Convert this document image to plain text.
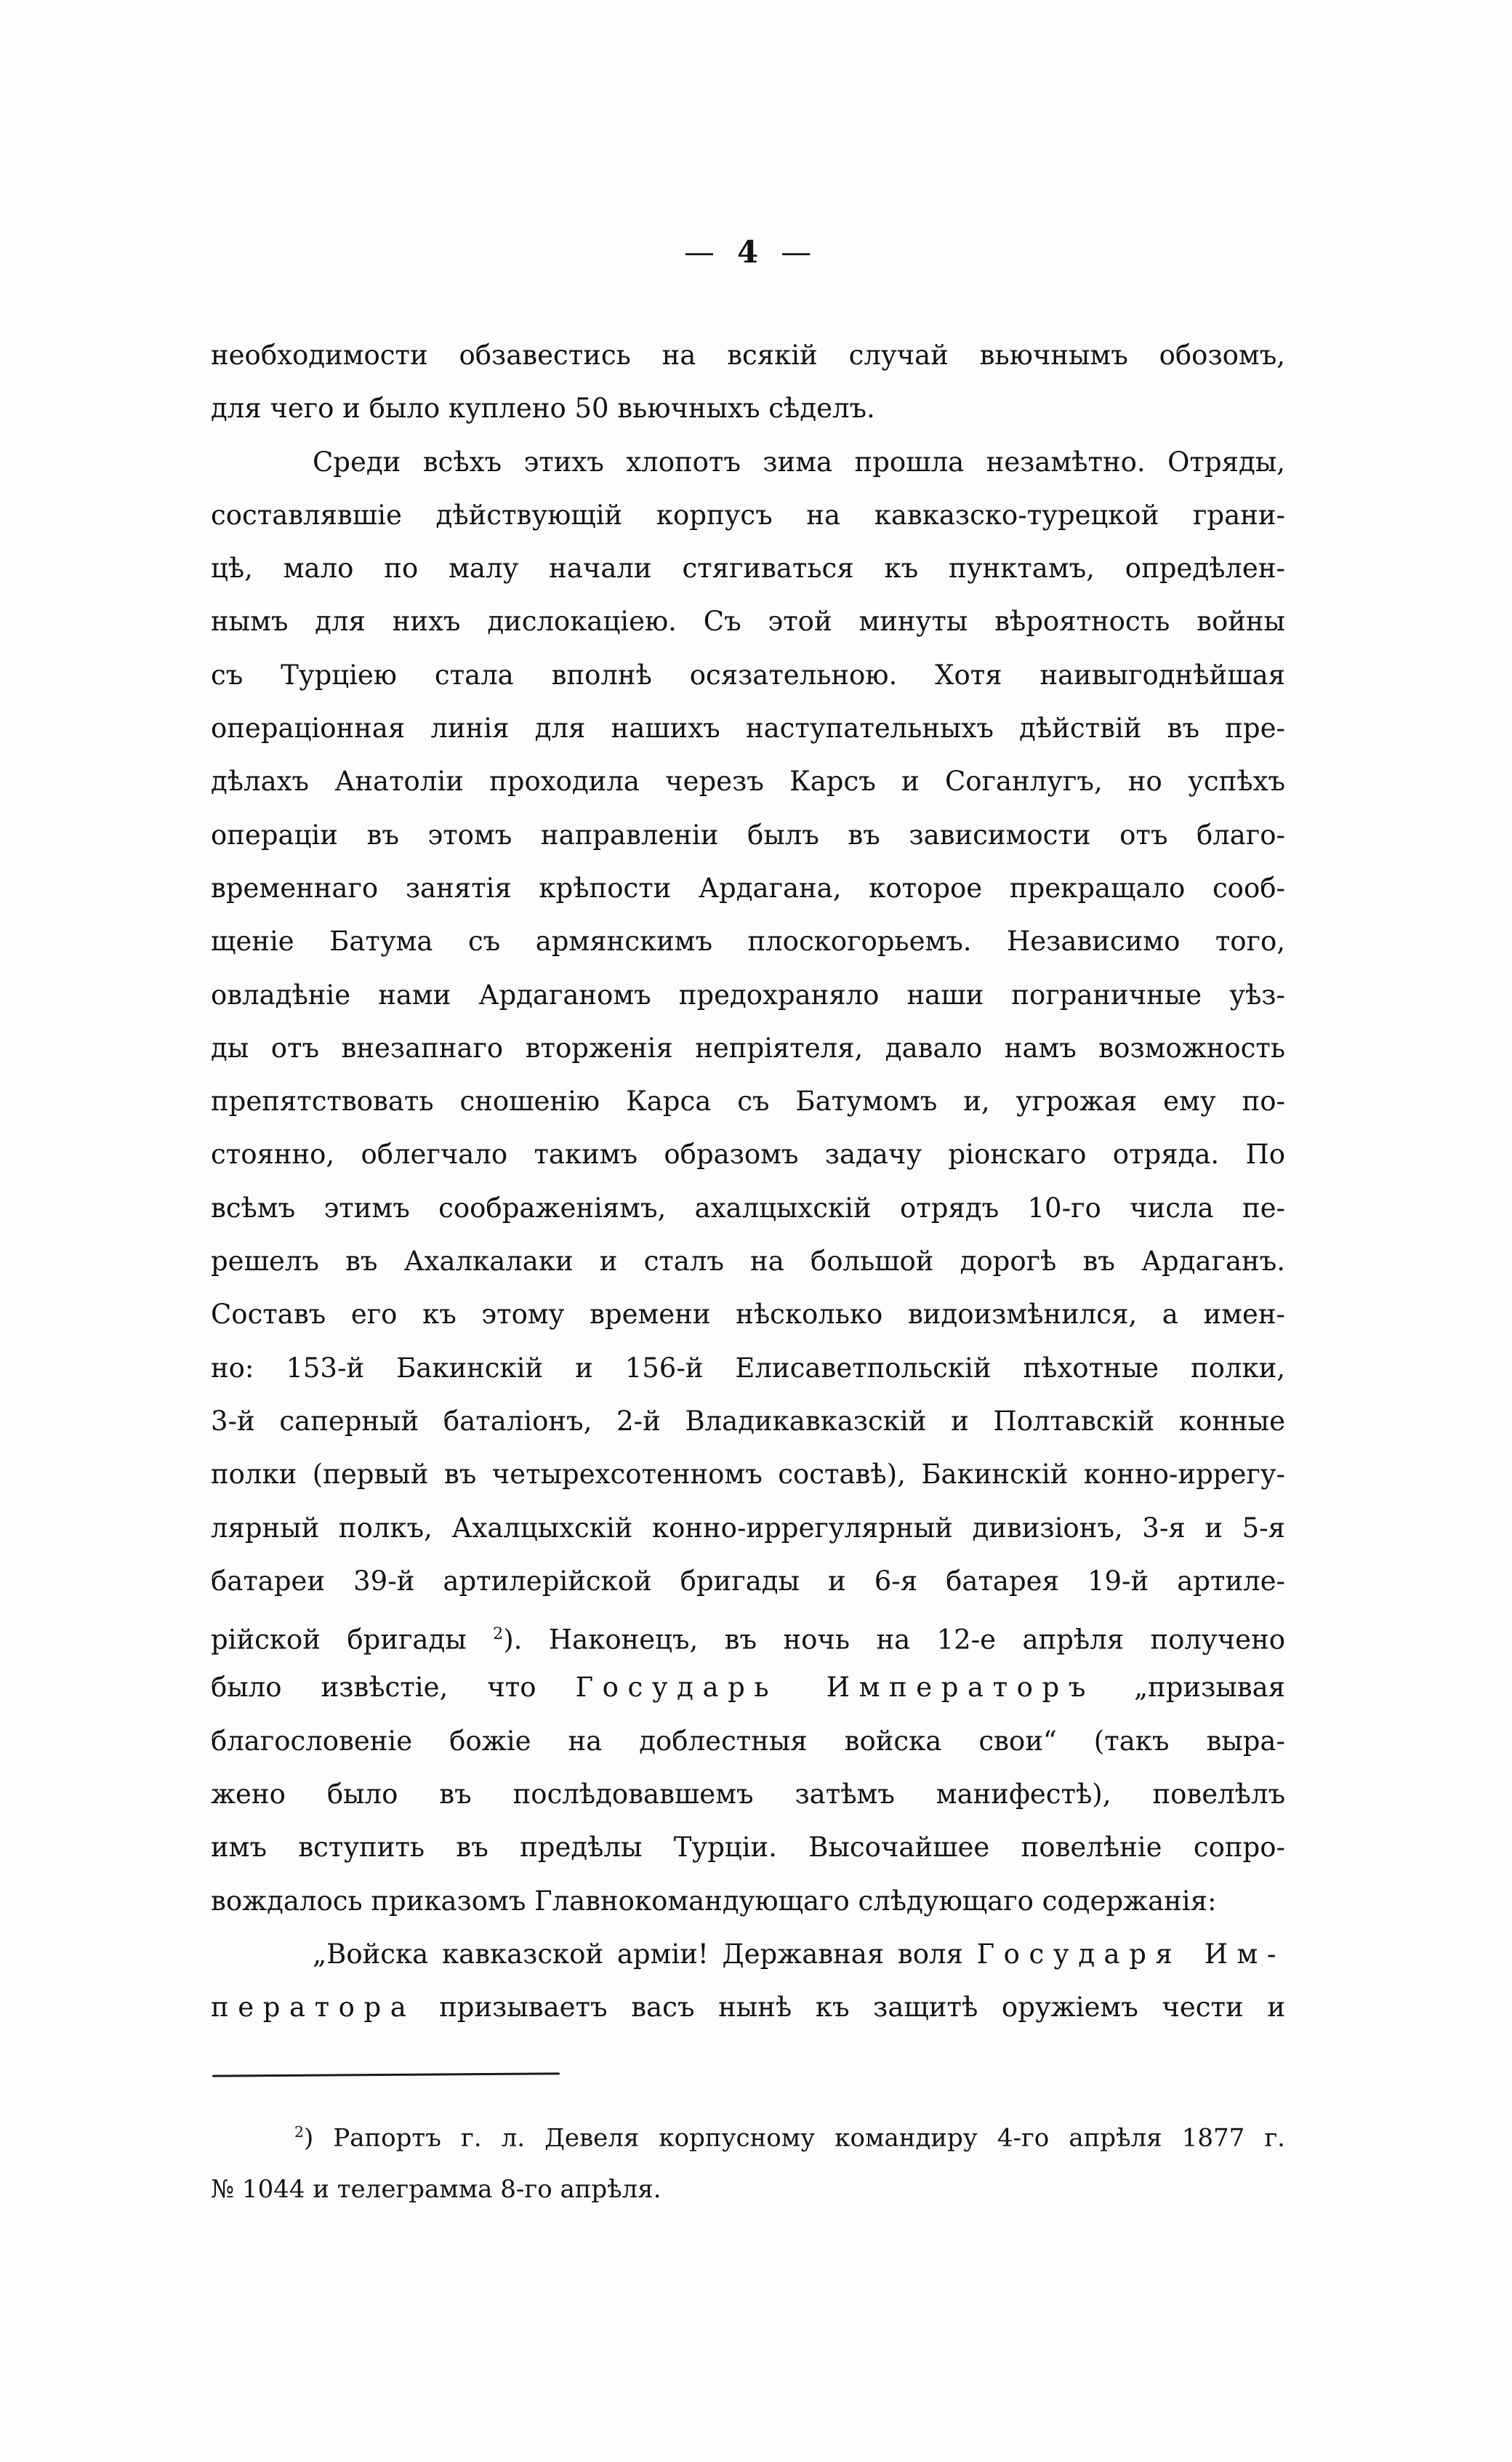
— 4 —
необходимости обзавестись на всякій случай вьючнымъ обозомъ,
для чего и было куплено 50 вьючныхъ сѣделъ.
Среди всѣхъ этихъ хлопотъ зима прошла незамѣтно. Отряды,
составлявшіе дѣйствующій корпусъ на кавказско-турецкой грани-
цѣ, мало по малу начали стягиваться къ пунктамъ, опредѣлен-
нымъ для нихъ дислокаціею. Съ этой минуты вѣроятность войны
съ Турціею стала вполнѣ осязательною. Хотя наивыгоднѣйшая
операціонная линія для нашихъ наступательныхъ дѣйствій въ пре-
дѣлахъ Анатоліи проходила черезъ Карсъ и Соганлугъ, но успѣхъ
операціи въ этомъ направленіи былъ въ зависимости отъ благо-
временнаго занятія крѣпости Ардагана, которое прекращало сооб-
щеніе Батума съ армянскимъ плоскогорьемъ. Независимо того,
овладѣніе нами Ардаганомъ предохраняло наши пограничные уѣз-
ды отъ внезапнаго вторженія непріятеля, давало намъ возможность
препятствовать сношенію Карса съ Батумомъ и, угрожая ему по-
стоянно, облегчало такимъ образомъ задачу ріонскаго отряда. По
всѣмъ этимъ соображеніямъ, ахалцыхскій отрядъ 10-го числа пе-
решелъ въ Ахалкалаки и сталъ на большой дорогѣ въ Ардаганъ.
Составъ его къ этому времени нѣсколько видоизмѣнился, а имен-
но: 153-й Бакинскій и 156-й Елисаветпольскій пѣхотные полки,
3-й саперный баталіонъ, 2-й Владикавказскій и Полтавскій конные
полки (первый въ четырехсотенномъ составѣ), Бакинскій конно-иррегу-
лярный полкъ, Ахалцыхскій конно-иррегулярный дивизіонъ, 3-я и 5-я
батареи 39-й артилерійской бригады и 6-я батарея 19-й артиле-
рійской бригады $^2$). Наконецъ, въ ночь на 12-е апрѣля получено
было извѣстіе, что Государь Императоръ „призывая
благословеніе божіе на доблестныя войска свои“ (такъ выра-
жено было въ послѣдовавшемъ затѣмъ манифестѣ), повелѣлъ
имъ вступить въ предѣлы Турціи. Высочайшее повелѣніе сопро-
вождалось приказомъ Главнокомандующаго слѣдующаго содержанія:
„Войска кавказской арміи! Державная воля Государя Им-
ператора призываетъ васъ нынѣ къ защитѣ оружіемъ чести и
$^2$) Рапортъ г. л. Девеля корпусному командиру 4-го апрѣля 1877 г.
№ 1044 и телеграмма 8-го апрѣля.
